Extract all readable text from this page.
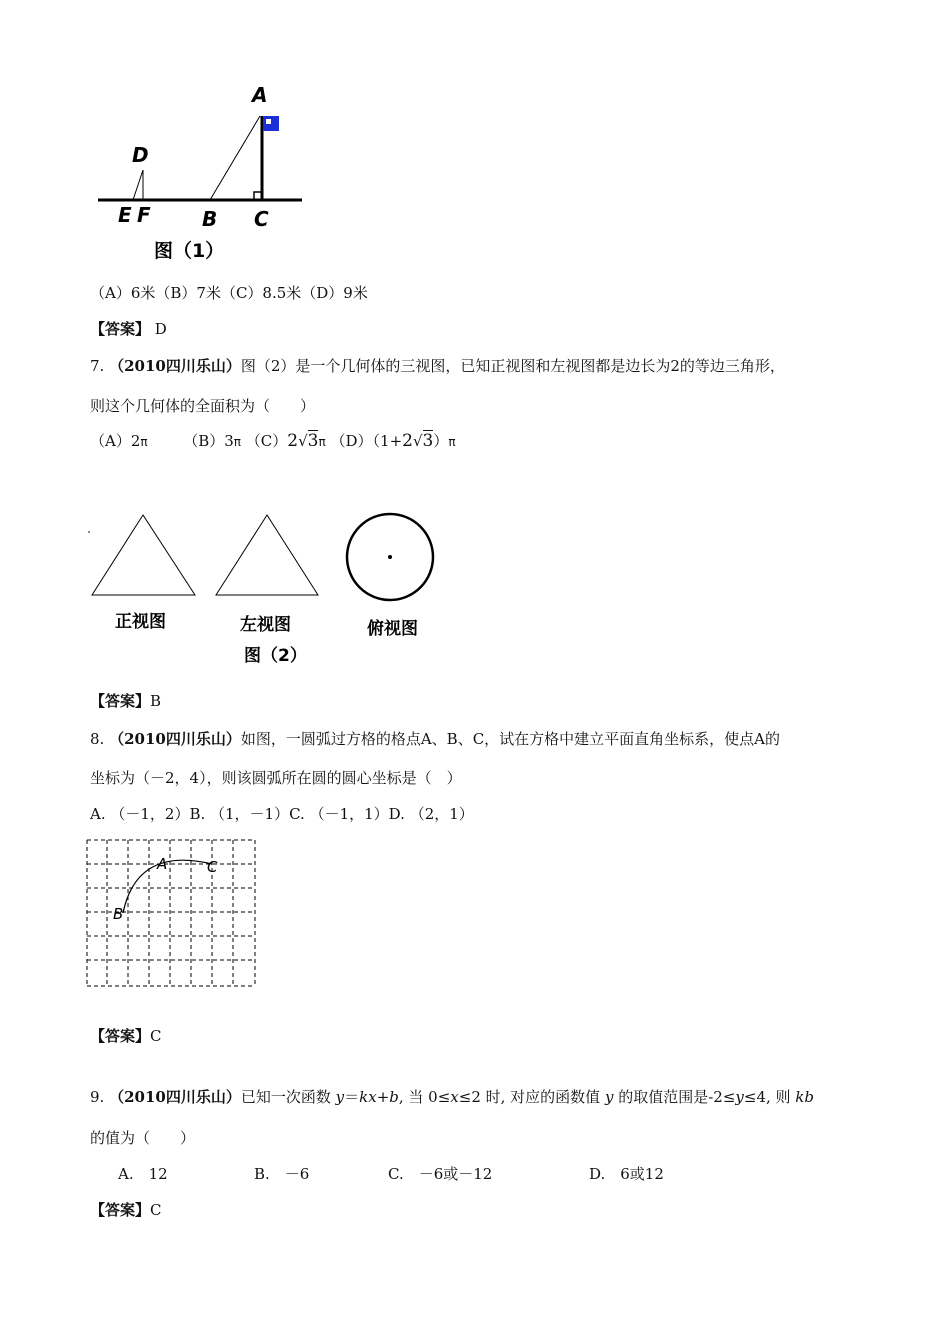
A
D
E F	B C
图（1）
（A）6米（B）7米（C）8.5米（D）9米
【答案】 D
7. （2010四川乐山）图（2）是一个几何体的三视图，已知正视图和左视图都是边长为2的等边三角形，
则这个几何体的全面积为（　　）
（A）2π （B）3π （C）2√3π （D）（1+2√3）π
正视图	左视图	俯视图
图（2）
【答案】B
8. （2010四川乐山）如图，一圆弧过方格的格点A、B、C，试在方格中建立平面直角坐标系，使点A的
坐标为（－2，4），则该圆弧所在圆的圆心坐标是（　）
A. （－1，2）B. （1，－1）C. （－1，1）D. （2，1）
A	C
B
【答案】C
9. （2010四川乐山）已知一次函数 y＝kx+b, 当 0≤x≤2 时, 对应的函数值 y 的取值范围是-2≤y≤4, 则 kb
的值为（　　）
A.　12	B.　－6	C.　－6或－12	D.　6或12
【答案】C
